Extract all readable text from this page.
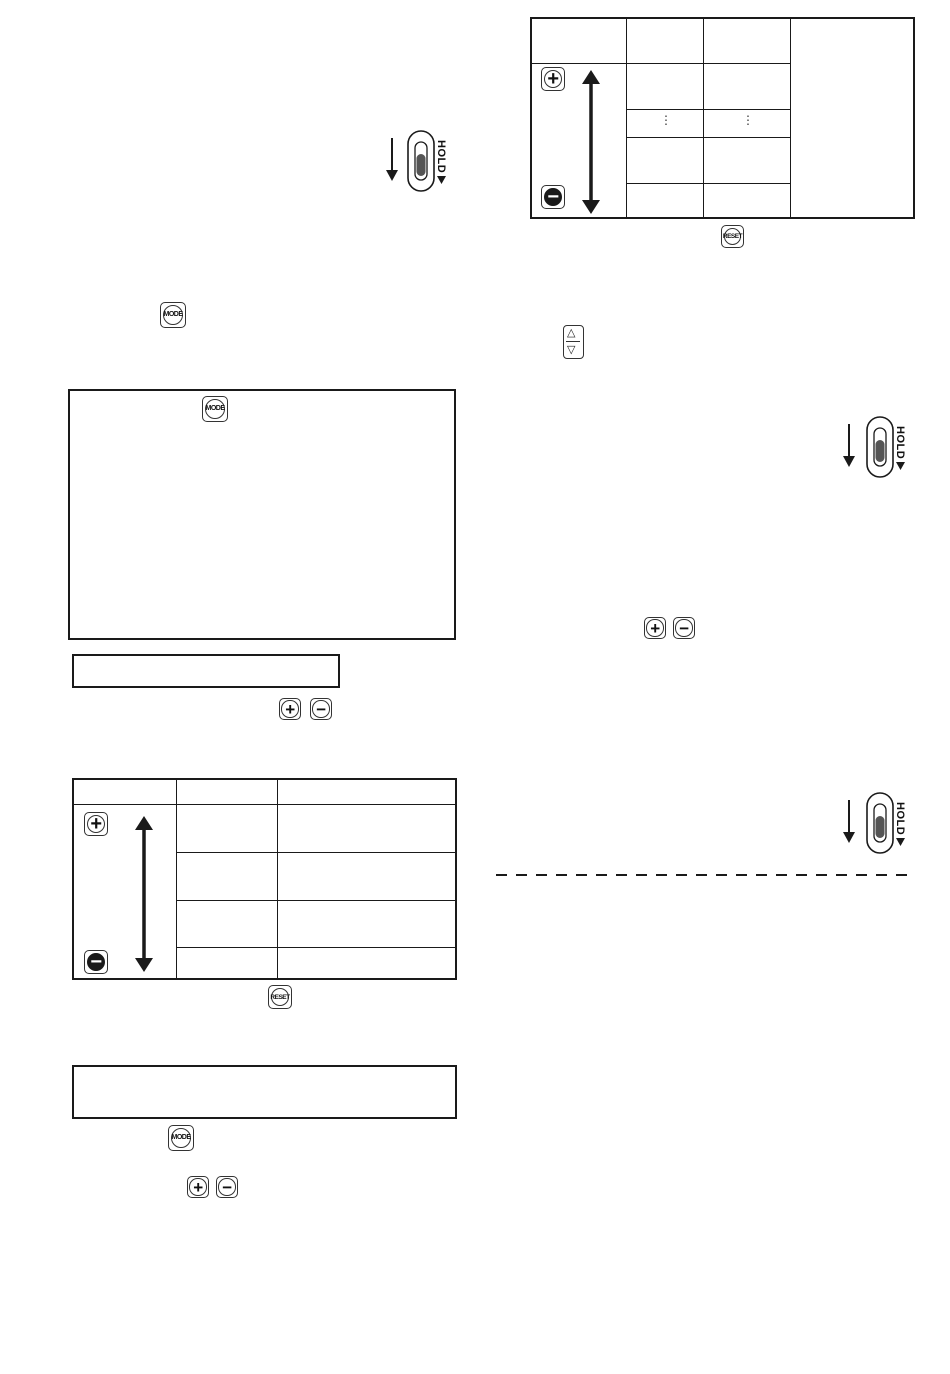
HOLD
MODE
MODE
+ −
+
−
RESET
MODE
+ −
⋮	⋮
+
−
RESET
△
▽
HOLD
+ −
HOLD
